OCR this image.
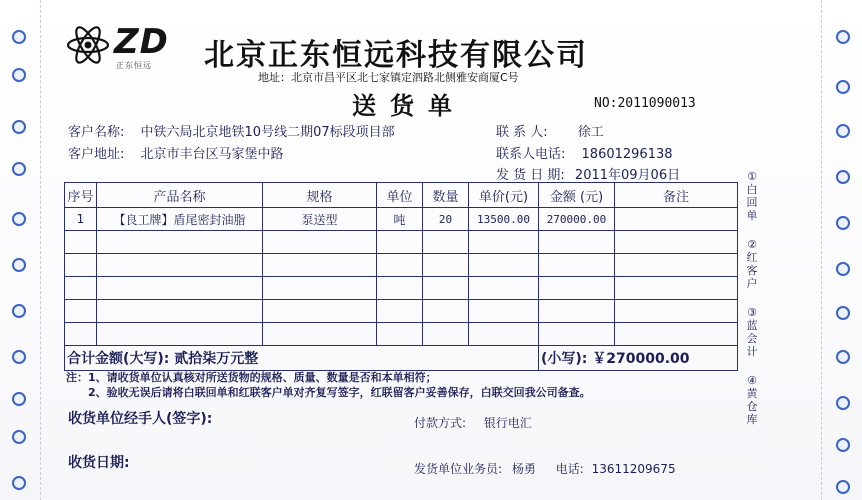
ZD
正东恒远 北京正东恒远科技有限公司
地址：北京市昌平区北七家镇定泗路北侧雅安商厦C号
送货单	NO:2011090013
客户名称: 中铁六局北京地铁10号线二期07标段项目部
客户地址: 北京市丰台区马家堡中路
联 系 人: 徐工
联系人电话: 18601296138
发 货 日 期: 2011年09月06日
序号	产品名称	规格	单位	数量	单价(元)	金额 (元)	备注
1	【良工牌】盾尾密封油脂	泵送型	吨	20	13500.00	270000.00	

合计金额(大写): 贰拾柒万元整						(小写): ￥270000.00	
①白回单
②红客户
③蓝会计
④黄仓库
注：1、请收货单位认真核对所送货物的规格、质量、数量是否和本单相符；
　　2、验收无误后请将白联回单和红联客户单对齐复写签字，红联留客户妥善保存，白联交回我公司备查。
收货单位经手人(签字):
收货日期:
付款方式: 银行电汇
发货单位业务员: 杨勇 电话: 13611209675
